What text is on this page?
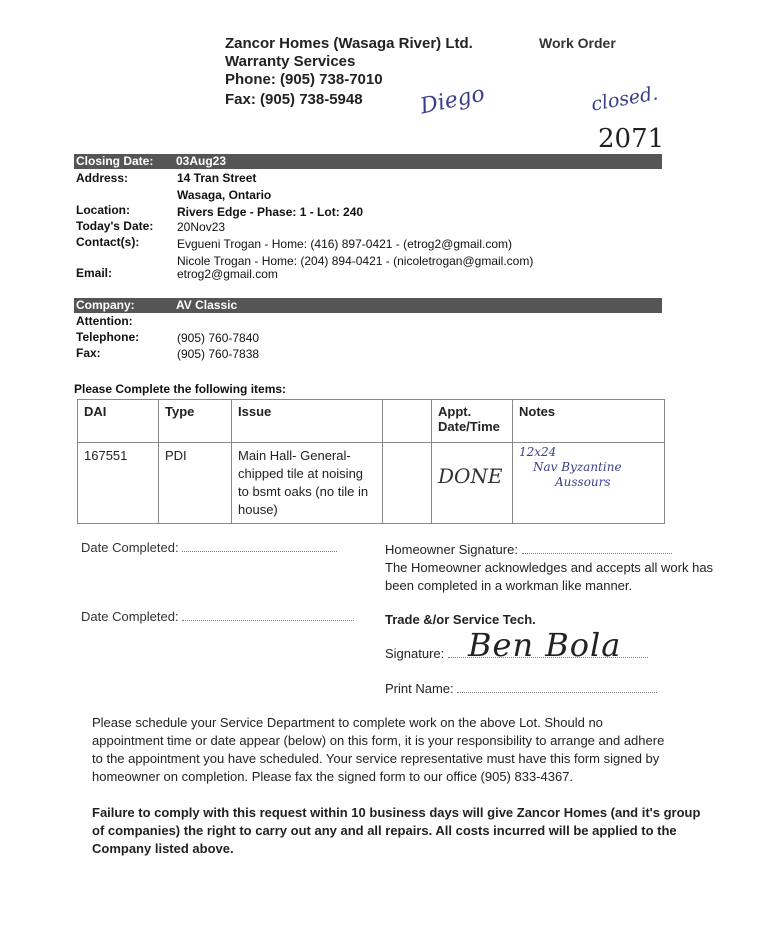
Zancor Homes (Wasaga River) Ltd.
Warranty Services
Phone: (905) 738-7010
Fax: (905) 738-5948
Work Order
Diego	closed.
2071
Closing Date: 03Aug23
Address:	14 Tran Street
Wasaga, Ontario
Location:	Rivers Edge - Phase: 1 - Lot: 240
Today's Date: 20Nov23
Contact(s):	Evgueni Trogan - Home: (416) 897-0421 - (etrog2@gmail.com)
Nicole Trogan - Home: (204) 894-0421 - (nicoletrogan@gmail.com)
Email:	etrog2@gmail.com
Company:	AV Classic
Attention:
Telephone:	(905) 760-7840
Fax:	(905) 760-7838
Please Complete the following items:
DAI	Type	Issue		Appt. Date/Time	Notes
167551	PDI	Main Hall- General- chipped tile at noising to bsmt oaks (no tile in house)		DONE	12x24
Nav Byzantine
Aussours
Date Completed:	Homeowner Signature:
The Homeowner acknowledges and accepts all work has been completed in a workman like manner.
Date Completed:	Trade &/or Service Tech.
Signature: Ben Bola
Print Name:
Please schedule your Service Department to complete work on the above Lot. Should no appointment time or date appear (below) on this form, it is your responsibility to arrange and adhere to the appointment you have scheduled. Your service representative must have this form signed by homeowner on completion. Please fax the signed form to our office (905) 833-4367.
Failure to comply with this request within 10 business days will give Zancor Homes (and it's group of companies) the right to carry out any and all repairs. All costs incurred will be applied to the Company listed above.
